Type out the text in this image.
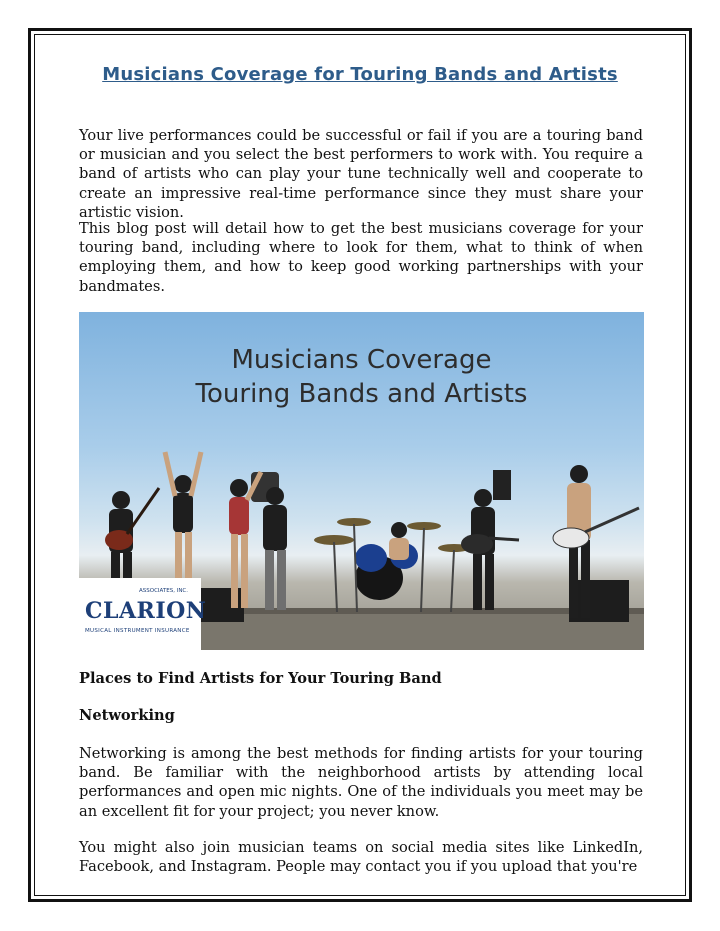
Musicians Coverage for Touring Bands and Artists

Your live performances could be successful or fail if you are a touring band or musician and you select the best performers to work with. You require a band of artists who can play your tune technically well and cooperate to create an impressive real-time performance since they must share your artistic vision.

This blog post will detail how to get the best musicians coverage for your touring band, including where to look for them, what to think of when employing them, and how to keep good working partnerships with your bandmates.

Musicians Coverage
Touring Bands and Artists
ASSOCIATES, INC.
CLARION
MUSICAL INSTRUMENT INSURANCE
Places to Find Artists for Your Touring Band
Networking

Networking is among the best methods for finding artists for your touring band. Be familiar with the neighborhood artists by attending local performances and open mic nights. One of the individuals you meet may be an excellent fit for your project; you never know.

You might also join musician teams on social media sites like LinkedIn, Facebook, and Instagram. People may contact you if you upload that you're
